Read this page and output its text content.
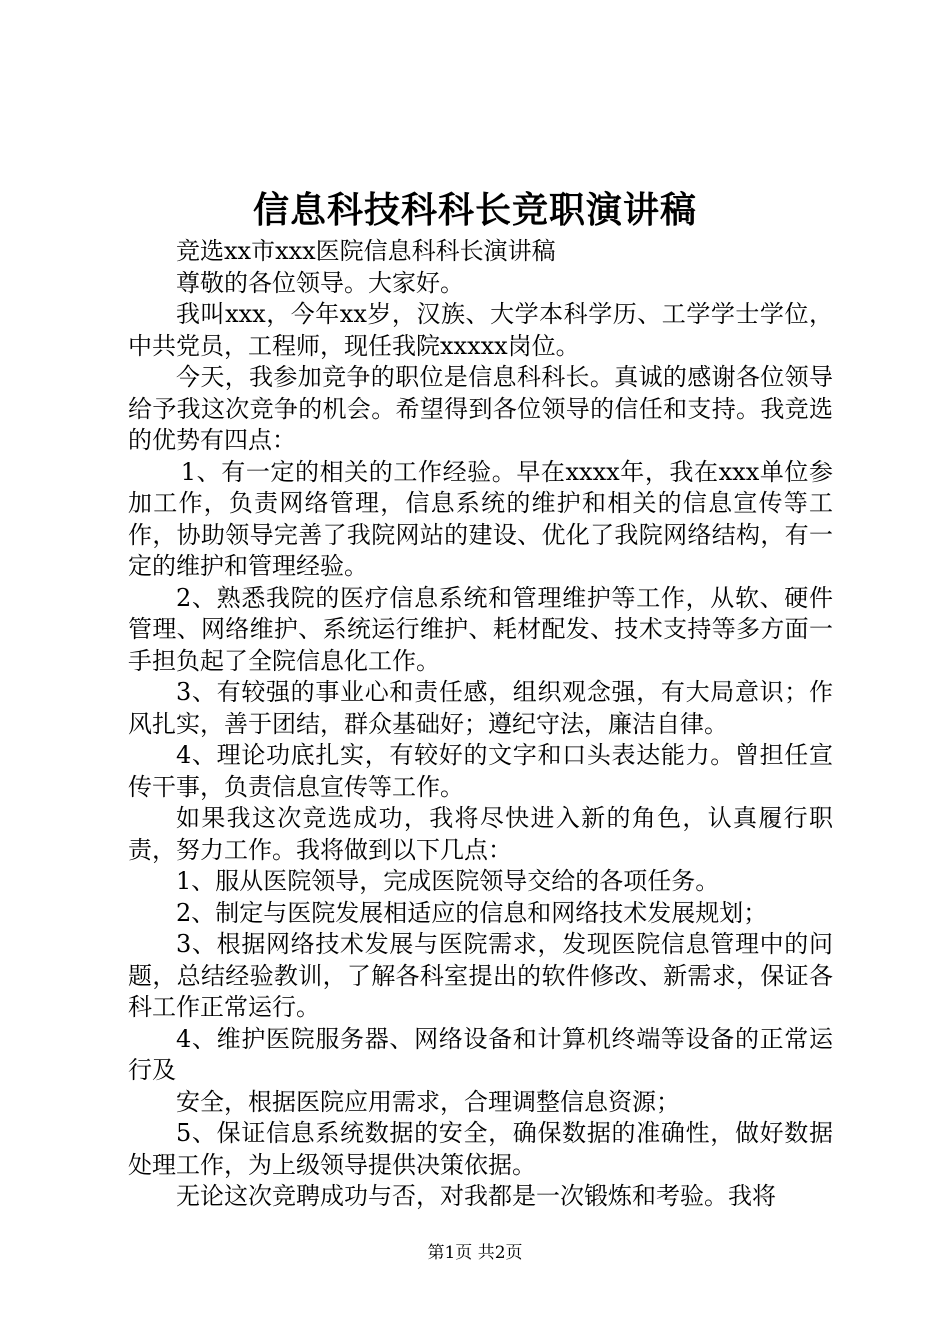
信息科技科科长竞职演讲稿

竞选xx市xxx医院信息科科长演讲稿

尊敬的各位领导。大家好。

我叫xxx，今年xx岁，汉族、大学本科学历、工学学士学位，中共党员，工程师，现任我院xxxxx岗位。

今天，我参加竞争的职位是信息科科长。真诚的感谢各位领导给予我这次竞争的机会。希望得到各位领导的信任和支持。我竞选的优势有四点：

1、有一定的相关的工作经验。早在xxxx年，我在xxx单位参加工作，负责网络管理，信息系统的维护和相关的信息宣传等工作，协助领导完善了我院网站的建设、优化了我院网络结构，有一定的维护和管理经验。

2、熟悉我院的医疗信息系统和管理维护等工作，从软、硬件管理、网络维护、系统运行维护、耗材配发、技术支持等多方面一手担负起了全院信息化工作。

3、有较强的事业心和责任感，组织观念强，有大局意识；作风扎实，善于团结，群众基础好；遵纪守法，廉洁自律。

4、理论功底扎实，有较好的文字和口头表达能力。曾担任宣传干事，负责信息宣传等工作。

如果我这次竞选成功，我将尽快进入新的角色，认真履行职责，努力工作。我将做到以下几点：

1、服从医院领导，完成医院领导交给的各项任务。

2、制定与医院发展相适应的信息和网络技术发展规划；

3、根据网络技术发展与医院需求，发现医院信息管理中的问题，总结经验教训，了解各科室提出的软件修改、新需求，保证各科工作正常运行。

4、维护医院服务器、网络设备和计算机终端等设备的正常运行及

安全，根据医院应用需求，合理调整信息资源；

5、保证信息系统数据的安全，确保数据的准确性，做好数据处理工作，为上级领导提供决策依据。

无论这次竞聘成功与否，对我都是一次锻炼和考验。我将

第1页 共2页
